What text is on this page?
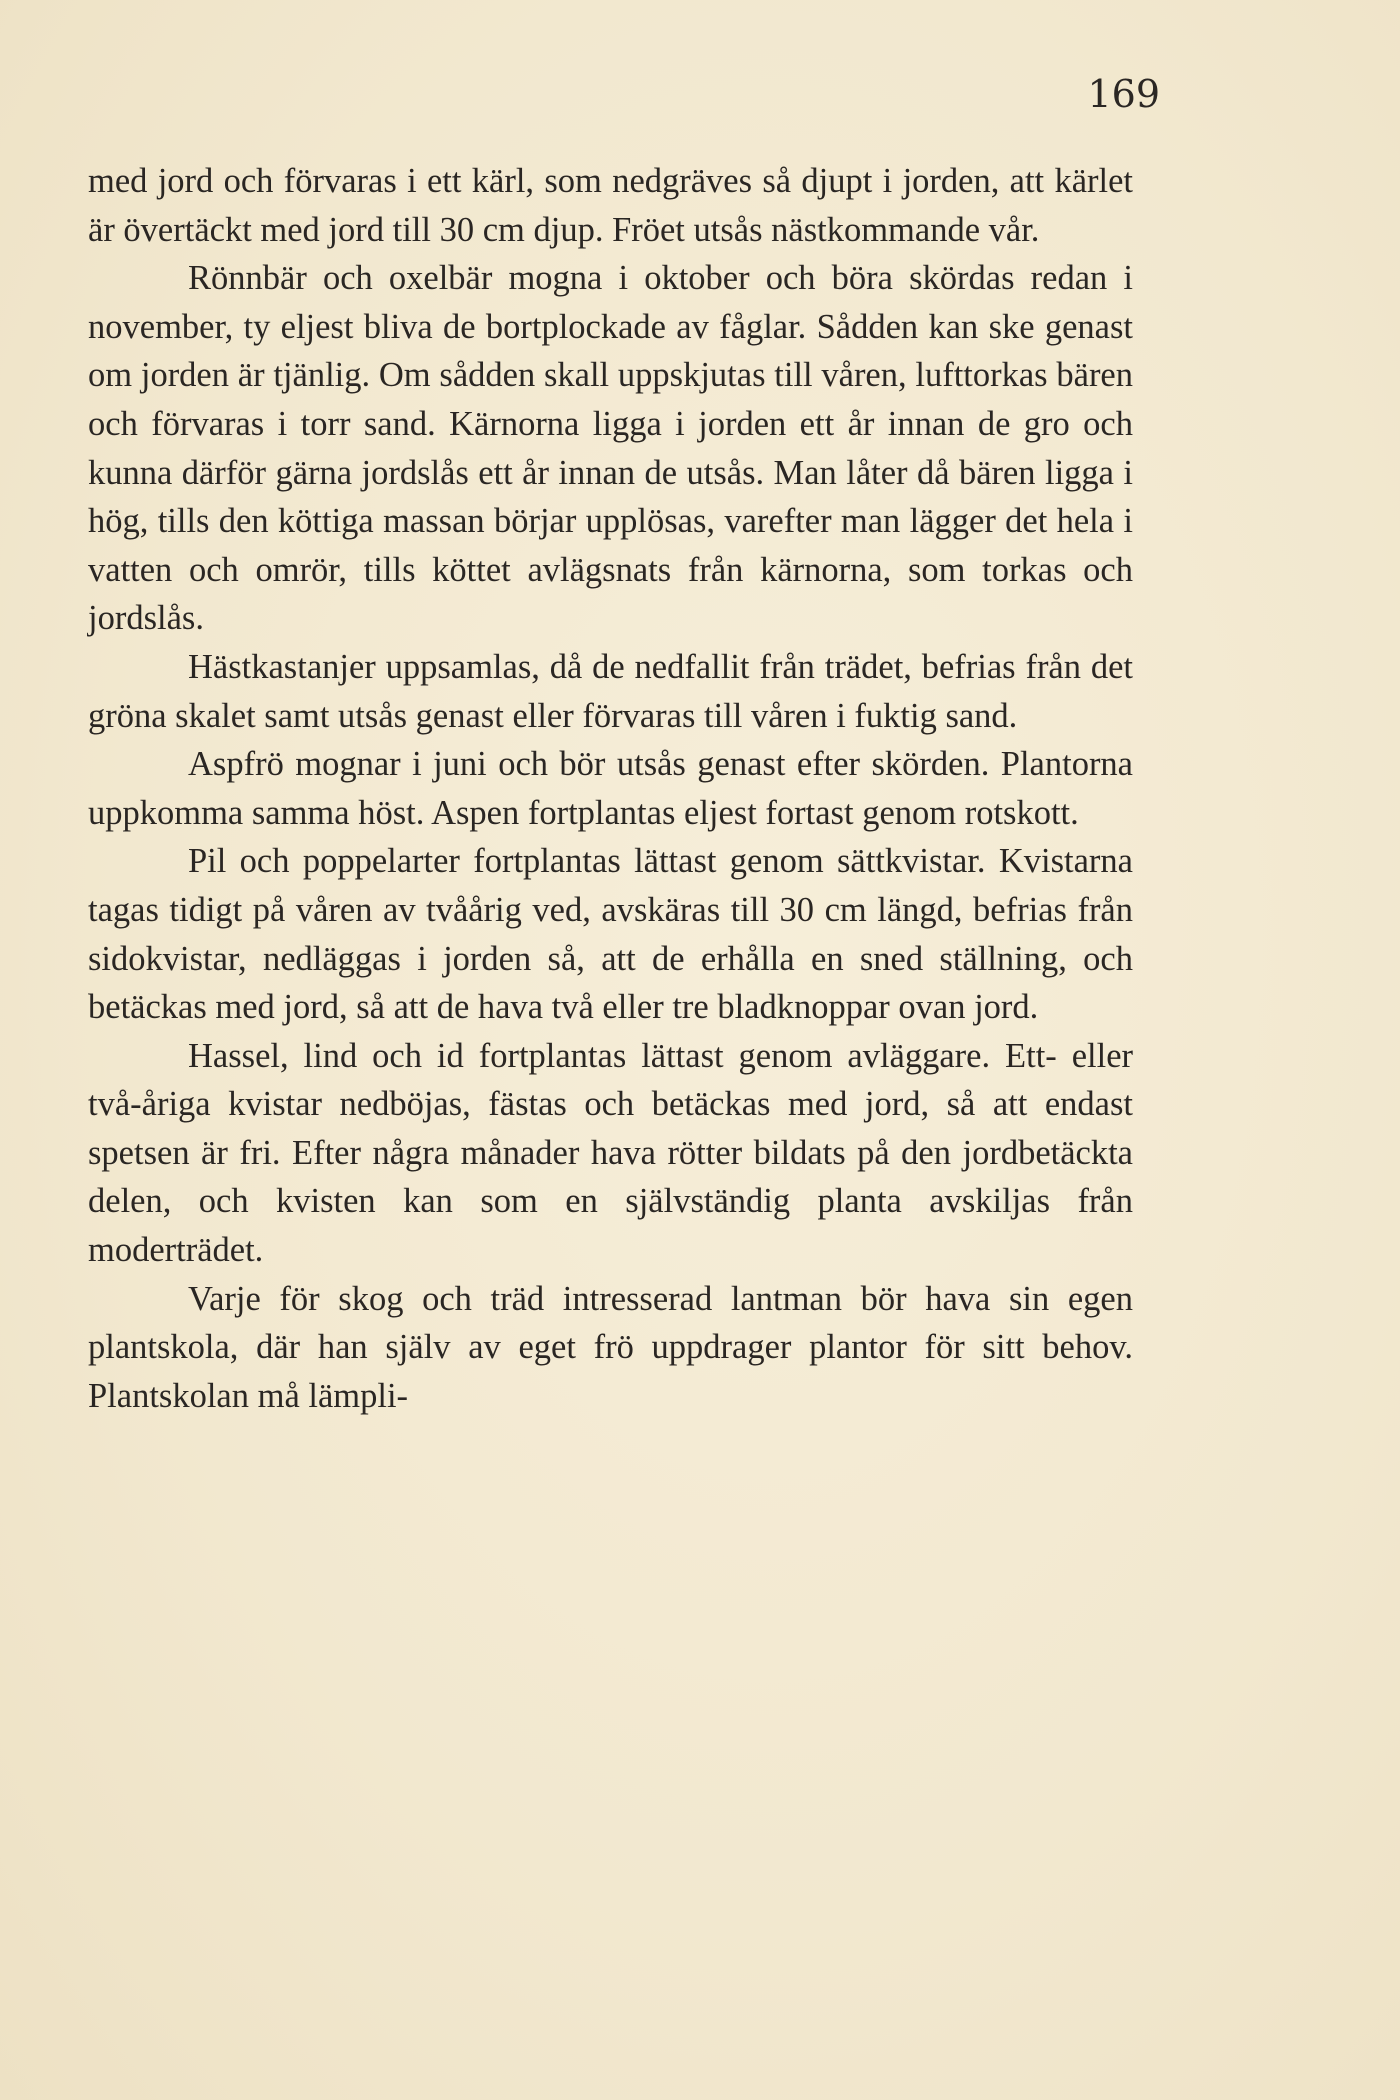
169

med jord och förvaras i ett kärl, som nedgräves så djupt i jorden, att kärlet är övertäckt med jord till 30 cm djup. Fröet utsås nästkommande vår.

Rönnbär och oxelbär mogna i oktober och böra skördas redan i november, ty eljest bliva de bortplockade av fåglar. Sådden kan ske genast om jorden är tjänlig. Om sådden skall uppskjutas till våren, lufttorkas bären och förvaras i torr sand. Kärnorna ligga i jorden ett år innan de gro och kunna därför gärna jordslås ett år innan de utsås. Man låter då bären ligga i hög, tills den köttiga massan börjar upplösas, varefter man lägger det hela i vatten och omrör, tills köttet avlägsnats från kärnorna, som torkas och jordslås.

Hästkastanjer uppsamlas, då de nedfallit från trädet, befrias från det gröna skalet samt utsås genast eller förvaras till våren i fuktig sand.

Aspfrö mognar i juni och bör utsås genast efter skörden. Plantorna uppkomma samma höst. Aspen fortplantas eljest fortast genom rotskott.

Pil och poppelarter fortplantas lättast genom sättkvistar. Kvistarna tagas tidigt på våren av tvåårig ved, avskäras till 30 cm längd, befrias från sidokvistar, nedläggas i jorden så, att de erhålla en sned ställning, och betäckas med jord, så att de hava två eller tre bladknoppar ovan jord.

Hassel, lind och id fortplantas lättast genom avläggare. Ett- eller två-åriga kvistar nedböjas, fästas och betäckas med jord, så att endast spetsen är fri. Efter några månader hava rötter bildats på den jordbetäckta delen, och kvisten kan som en självständig planta avskiljas från moderträdet.

Varje för skog och träd intresserad lantman bör hava sin egen plantskola, där han själv av eget frö uppdrager plantor för sitt behov. Plantskolan må lämpli-
